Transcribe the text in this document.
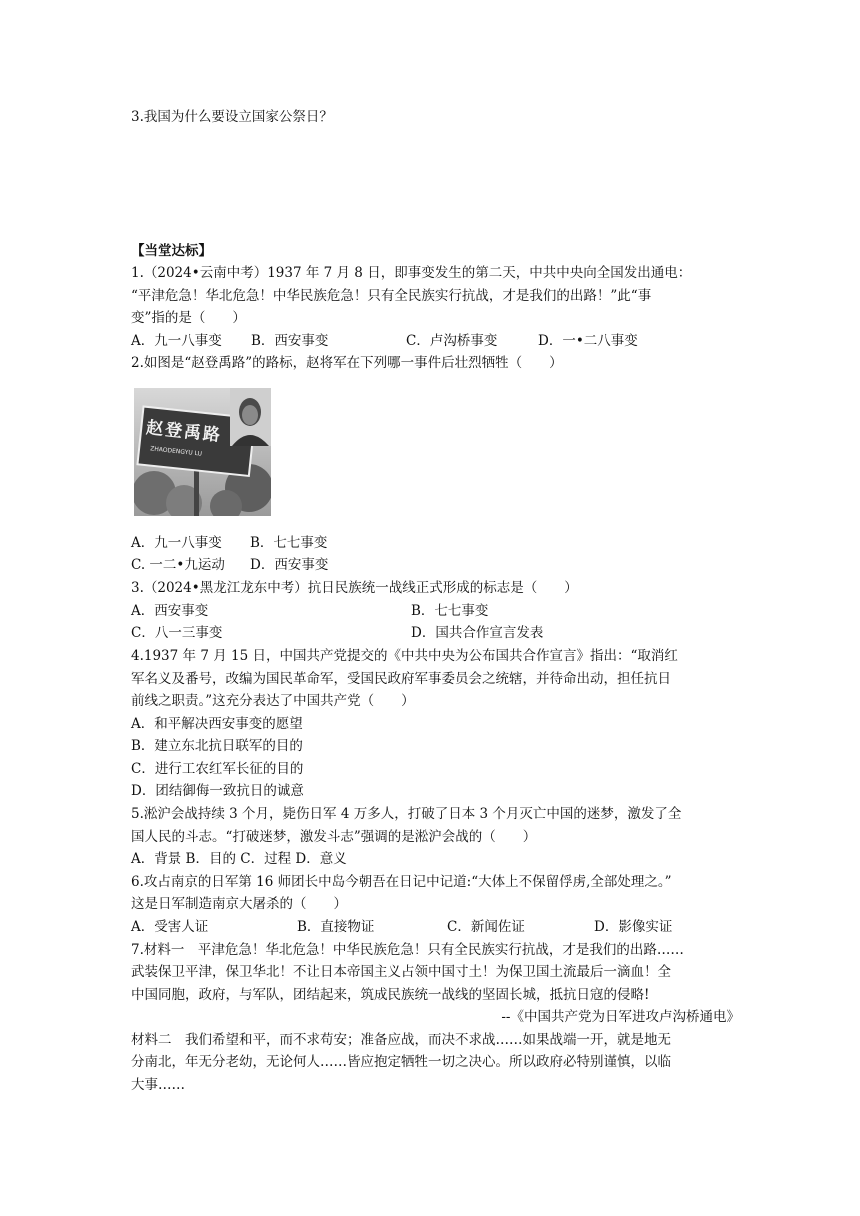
3.我国为什么要设立国家公祭日？
【当堂达标】
1.（2024•云南中考）1937 年 7 月 8 日，即事变发生的第二天，中共中央向全国发出通电：
“平津危急！华北危急！中华民族危急！只有全民族实行抗战，才是我们的出路！”此“事
变”指的是（　　）
A．九一八事变 B．西安事变	C．卢沟桥事变	D．一•二八事变
2.如图是“赵登禹路”的路标，赵将军在下列哪一事件后壮烈牺牲（　　）
赵登禹路
ZHAODENGYU LU
A．九一八事变 B．七七事变
C. 一二•九运动 D．西安事变
3.（2024•黑龙江龙东中考）抗日民族统一战线正式形成的标志是（　　）
A．西安事变	B．七七事变
C．八一三事变	D．国共合作宣言发表
4.1937 年 7 月 15 日，中国共产党提交的《中共中央为公布国共合作宣言》指出：“取消红
军名义及番号，改编为国民革命军，受国民政府军事委员会之统辖，并待命出动，担任抗日
前线之职责。”这充分表达了中国共产党（　　）
A．和平解决西安事变的愿望
B．建立东北抗日联军的目的
C．进行工农红军长征的目的
D．团结御侮一致抗日的诚意
5.淞沪会战持续 3 个月，毙伤日军 4 万多人，打破了日本 3 个月灭亡中国的迷梦，激发了全
国人民的斗志。“打破迷梦，激发斗志”强调的是淞沪会战的（　　）
A．背景 B．目的 C．过程 D．意义
6.攻占南京的日军第 16 师团长中岛今朝吾在日记中记道:“大体上不保留俘虏,全部处理之。”
这是日军制造南京大屠杀的（　　）
A．受害人证	B．直接物证	C．新闻佐证	D．影像实证
7.材料一　平津危急！华北危急！中华民族危急！只有全民族实行抗战，才是我们的出路……
武装保卫平津，保卫华北！不让日本帝国主义占领中国寸土！为保卫国土流最后一滴血！全
中国同胞，政府，与军队，团结起来，筑成民族统一战线的坚固长城，抵抗日寇的侵略!
--《中国共产党为日军进攻卢沟桥通电》
材料二　我们希望和平，而不求苟安；准备应战，而决不求战……如果战端一开，就是地无
分南北，年无分老幼，无论何人……皆应抱定牺牲一切之决心。所以政府必特别谨慎，以临
大事……
